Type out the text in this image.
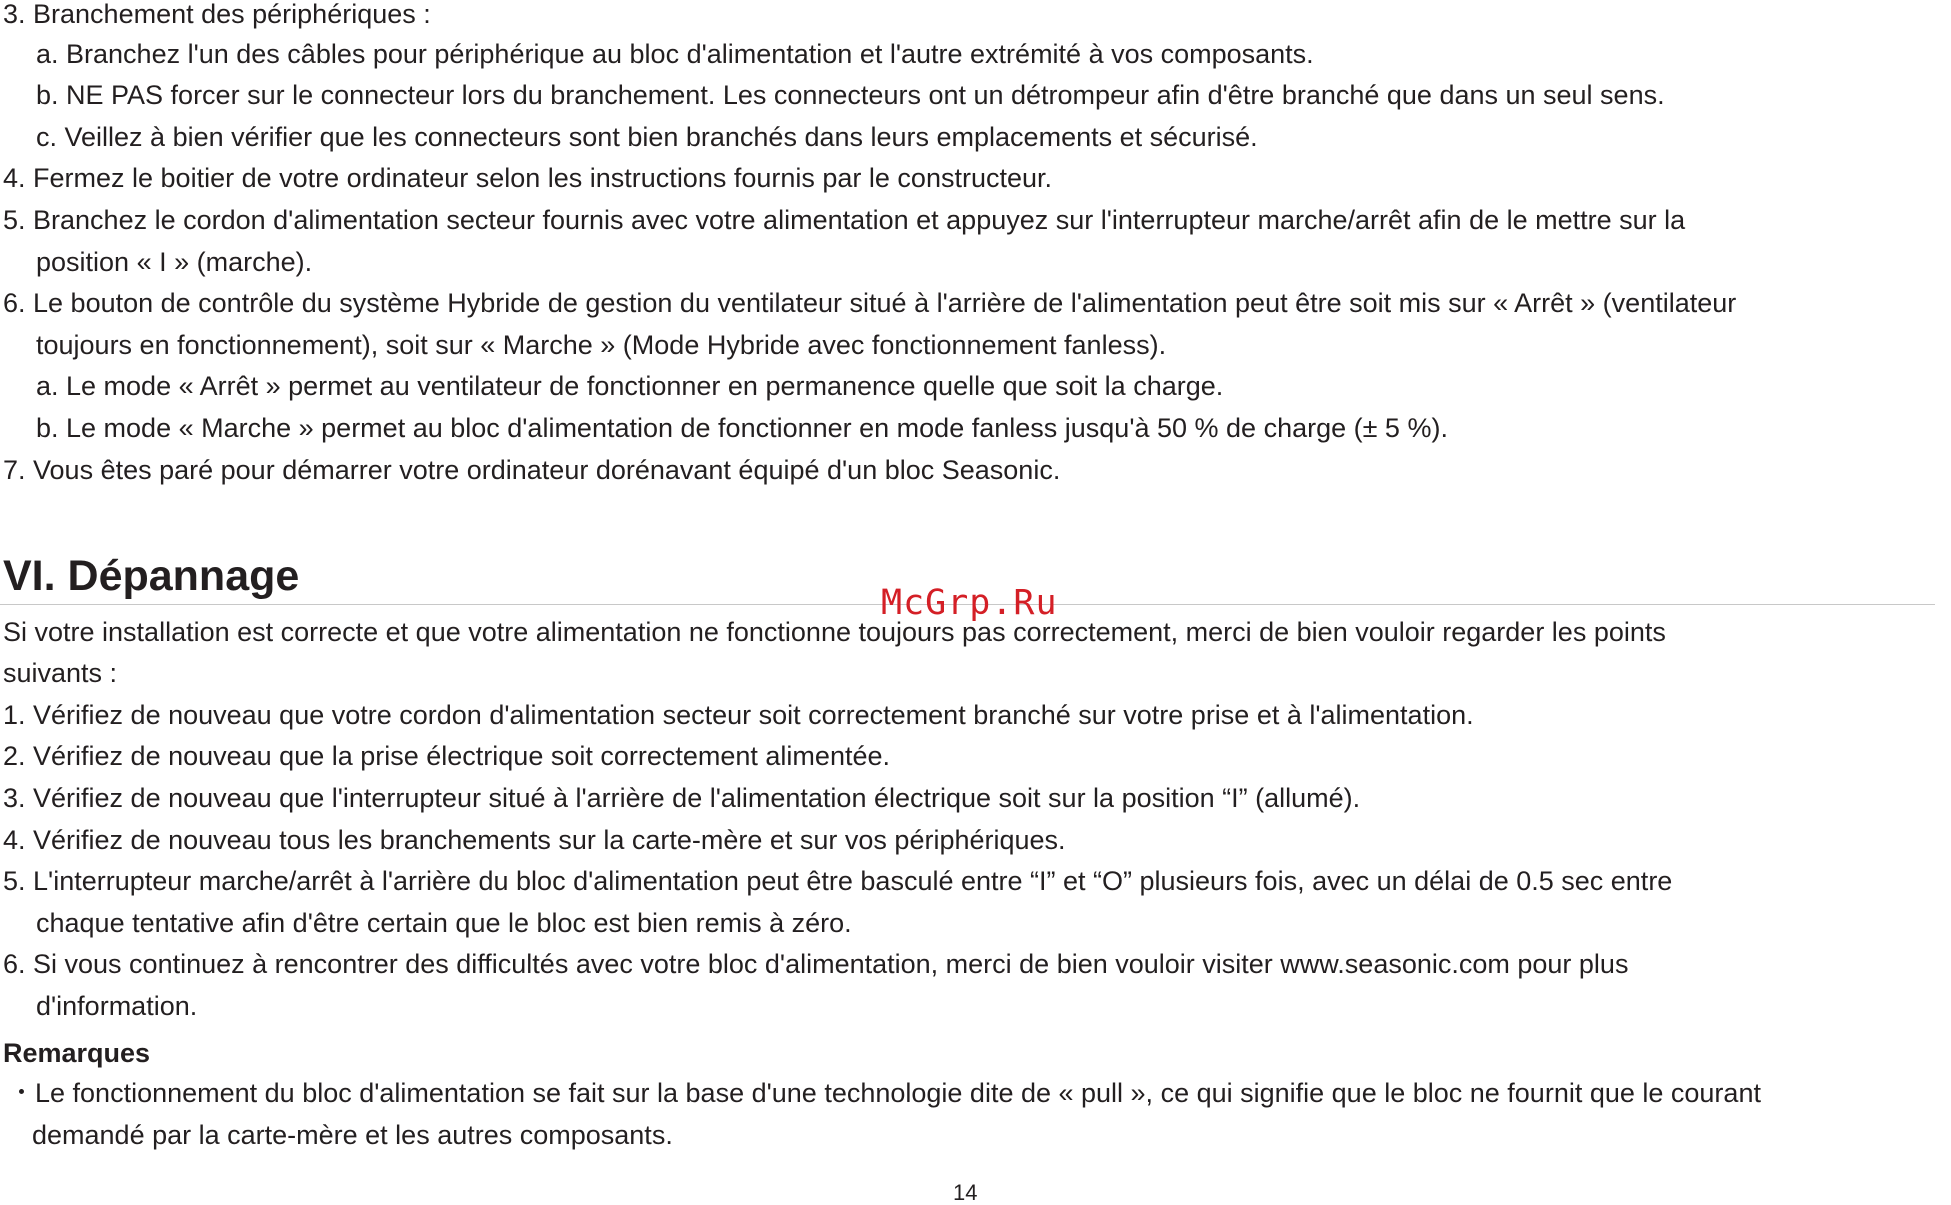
3. Branchement des périphériques :
a. Branchez l'un des câbles pour périphérique au bloc d'alimentation et l'autre extrémité à vos composants.
b. NE PAS forcer sur le connecteur lors du branchement. Les connecteurs ont un détrompeur afin d'être branché que dans un seul sens.
c. Veillez à bien vérifier que les connecteurs sont bien branchés dans leurs emplacements et sécurisé.
4. Fermez le boitier de votre ordinateur selon les instructions fournis par le constructeur.
5. Branchez le cordon d'alimentation secteur fournis avec votre alimentation et appuyez sur l'interrupteur marche/arrêt afin de le mettre sur la
position « I » (marche).
6. Le bouton de contrôle du système Hybride de gestion du ventilateur situé à l'arrière de l'alimentation peut être soit mis sur « Arrêt » (ventilateur
toujours en fonctionnement), soit sur « Marche » (Mode Hybride avec fonctionnement fanless).
a. Le mode « Arrêt » permet au ventilateur de fonctionner en permanence quelle que soit la charge.
b. Le mode « Marche » permet au bloc d'alimentation de fonctionner en mode fanless jusqu'à 50 % de charge (± 5 %).
7. Vous êtes paré pour démarrer votre ordinateur dorénavant équipé d'un bloc Seasonic.
VI. Dépannage
McGrp.Ru
Si votre installation est correcte et que votre alimentation ne fonctionne toujours pas correctement, merci de bien vouloir regarder les points
suivants :
1. Vérifiez de nouveau que votre cordon d'alimentation secteur soit correctement branché sur votre prise et à l'alimentation.
2. Vérifiez de nouveau que la prise électrique soit correctement alimentée.
3. Vérifiez de nouveau que l'interrupteur situé à l'arrière de l'alimentation électrique soit sur la position “I” (allumé).
4. Vérifiez de nouveau tous les branchements sur la carte-mère et sur vos périphériques.
5. L'interrupteur marche/arrêt à l'arrière du bloc d'alimentation peut être basculé entre “I” et “O” plusieurs fois, avec un délai de 0.5 sec entre
chaque tentative afin d'être certain que le bloc est bien remis à zéro.
6. Si vous continuez à rencontrer des difficultés avec votre bloc d'alimentation, merci de bien vouloir visiter www.seasonic.com pour plus
d'information.
Remarques
・Le fonctionnement du bloc d'alimentation se fait sur la base d'une technologie dite de « pull », ce qui signifie que le bloc ne fournit que le courant
demandé par la carte-mère et les autres composants.
14
